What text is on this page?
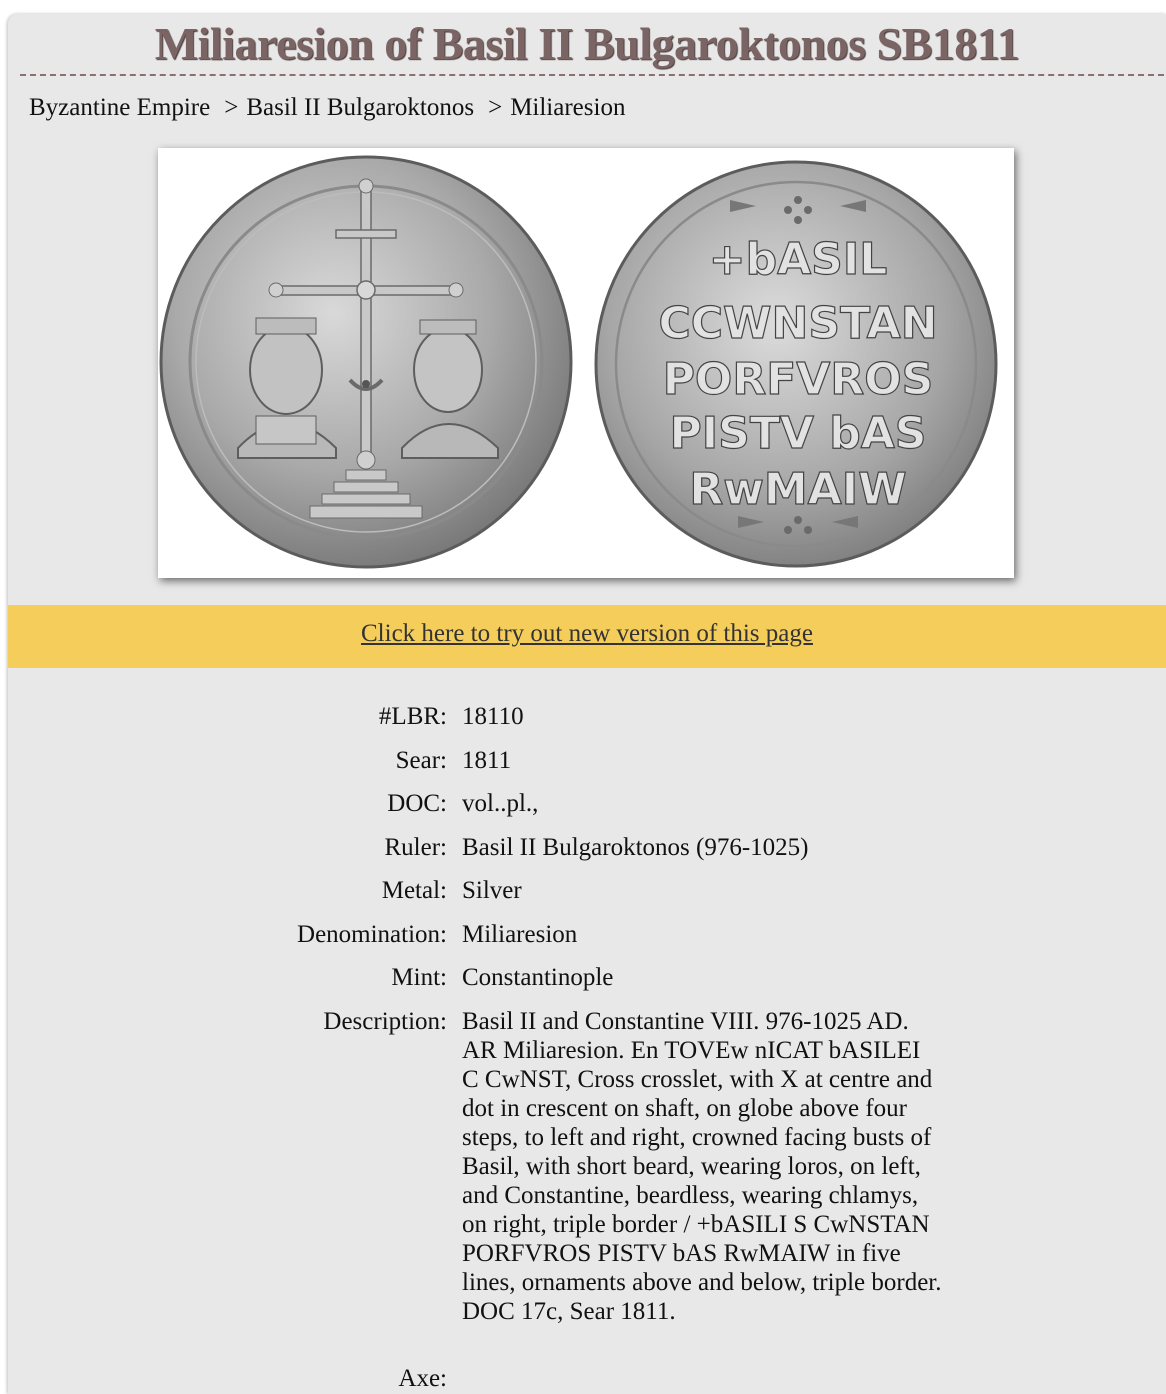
Miliaresion of Basil II Bulgaroktonos SB1811
Byzantine Empire > Basil II Bulgaroktonos > Miliaresion
+bASIL
CCWNSTAN
PORFVROS
PISTV bAS
RwMAIW
Click here to try out new version of this page
#LBR: 18110
Sear: 1811
DOC: vol..pl.,
Ruler: Basil II Bulgaroktonos (976-1025)
Metal: Silver
Denomination: Miliaresion
Mint: Constantinople
Description: Basil II and Constantine VIII. 976-1025 AD. AR Miliaresion. En TOVEw nICAT bASILEI C CwNST, Cross crosslet, with X at centre and dot in crescent on shaft, on globe above four steps, to left and right, crowned facing busts of Basil, with short beard, wearing loros, on left, and Constantine, beardless, wearing chlamys, on right, triple border / +bASILI S CwNSTAN PORFVROS PISTV bAS RwMAIW in five lines, ornaments above and below, triple border. DOC 17c, Sear 1811.
Axe:
